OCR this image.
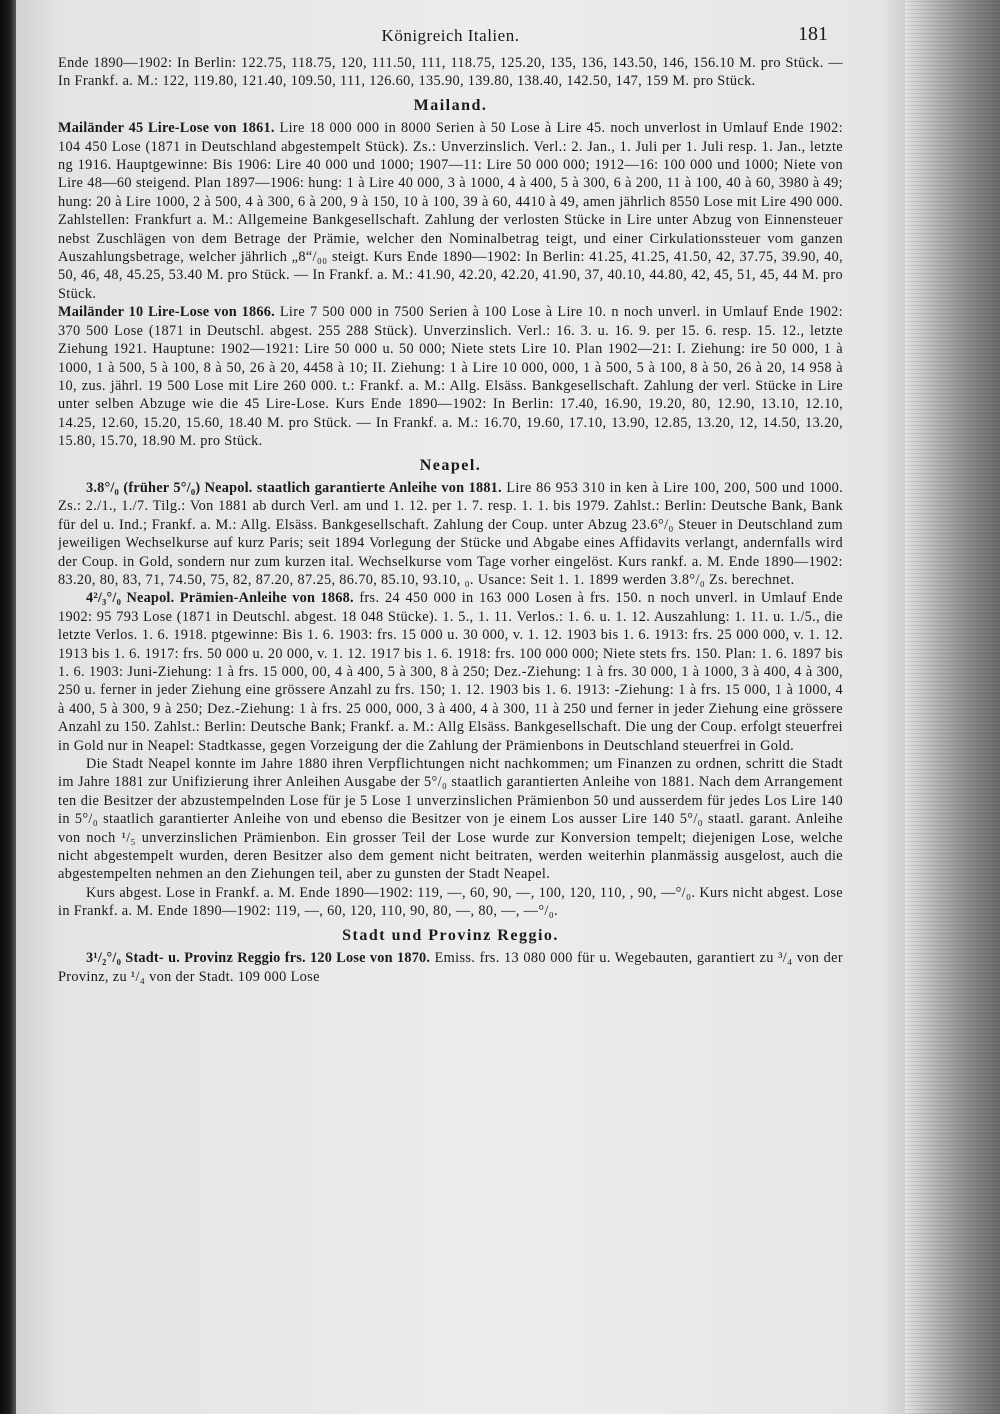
Königreich Italien.	181

Ende 1890—1902: In Berlin: 122.75, 118.75, 120, 111.50, 111, 118.75, 125.20, 135, 136, 143.50, 146, 156.10 M. pro Stück. — In Frankf. a. M.: 122, 119.80, 121.40, 109.50, 111, 126.60, 135.90, 139.80, 138.40, 142.50, 147, 159 M. pro Stück.

Mailand.

Mailänder 45 Lire-Lose von 1861. Lire 18 000 000 in 8000 Serien à 50 Lose à Lire 45. noch unverlost in Umlauf Ende 1902: 104 450 Lose (1871 in Deutschland abgestempelt Stück). Zs.: Unverzinslich. Verl.: 2. Jan., 1. Juli per 1. Juli resp. 1. Jan., letzte ng 1916. Hauptgewinne: Bis 1906: Lire 40 000 und 1000; 1907—11: Lire 50 000 000; 1912—16: 100 000 und 1000; Niete von Lire 48—60 steigend. Plan 1897—1906: hung: 1 à Lire 40 000, 3 à 1000, 4 à 400, 5 à 300, 6 à 200, 11 à 100, 40 à 60, 3980 à 49; hung: 20 à Lire 1000, 2 à 500, 4 à 300, 6 à 200, 9 à 150, 10 à 100, 39 à 60, 4410 à 49, amen jährlich 8550 Lose mit Lire 490 000. Zahlstellen: Frankfurt a. M.: Allgemeine Bankgesellschaft. Zahlung der verlosten Stücke in Lire unter Abzug von Einnensteuer nebst Zuschlägen von dem Betrage der Prämie, welcher den Nominalbetrag teigt, und einer Cirkulationssteuer vom ganzen Auszahlungsbetrage, welcher jährlich „8“/₀₀ steigt. Kurs Ende 1890—1902: In Berlin: 41.25, 41.25, 41.50, 42, 37.75, 39.90, 40, 50, 46, 48, 45.25, 53.40 M. pro Stück. — In Frankf. a. M.: 41.90, 42.20, 42.20, 41.90, 37, 40.10, 44.80, 42, 45, 51, 45, 44 M. pro Stück.

Mailänder 10 Lire-Lose von 1866. Lire 7 500 000 in 7500 Serien à 100 Lose à Lire 10. n noch unverl. in Umlauf Ende 1902: 370 500 Lose (1871 in Deutschl. abgest. 255 288 Stück). Unverzinslich. Verl.: 16. 3. u. 16. 9. per 15. 6. resp. 15. 12., letzte Ziehung 1921. Hauptune: 1902—1921: Lire 50 000 u. 50 000; Niete stets Lire 10. Plan 1902—21: I. Ziehung: ire 50 000, 1 à 1000, 1 à 500, 5 à 100, 8 à 50, 26 à 20, 4458 à 10; II. Ziehung: 1 à Lire 10 000, 000, 1 à 500, 5 à 100, 8 à 50, 26 à 20, 14 958 à 10, zus. jährl. 19 500 Lose mit Lire 260 000. t.: Frankf. a. M.: Allg. Elsäss. Bankgesellschaft. Zahlung der verl. Stücke in Lire unter selben Abzuge wie die 45 Lire-Lose. Kurs Ende 1890—1902: In Berlin: 17.40, 16.90, 19.20, 80, 12.90, 13.10, 12.10, 14.25, 12.60, 15.20, 15.60, 18.40 M. pro Stück. — In Frankf. a. M.: 16.70, 19.60, 17.10, 13.90, 12.85, 13.20, 12, 14.50, 13.20, 15.80, 15.70, 18.90 M. pro Stück.

Neapel.

3.8°/₀ (früher 5°/₀) Neapol. staatlich garantierte Anleihe von 1881. Lire 86 953 310 in ken à Lire 100, 200, 500 und 1000. Zs.: 2./1., 1./7. Tilg.: Von 1881 ab durch Verl. am und 1. 12. per 1. 7. resp. 1. 1. bis 1979. Zahlst.: Berlin: Deutsche Bank, Bank für del u. Ind.; Frankf. a. M.: Allg. Elsäss. Bankgesellschaft. Zahlung der Coup. unter Abzug 23.6°/₀ Steuer in Deutschland zum jeweiligen Wechselkurse auf kurz Paris; seit 1894 Vorlegung der Stücke und Abgabe eines Affidavits verlangt, andernfalls wird der Coup. in Gold, sondern nur zum kurzen ital. Wechselkurse vom Tage vorher eingelöst. Kurs rankf. a. M. Ende 1890—1902: 83.20, 80, 83, 71, 74.50, 75, 82, 87.20, 87.25, 86.70, 85.10, 93.10, ₀. Usance: Seit 1. 1. 1899 werden 3.8°/₀ Zs. berechnet.

4²/₃°/₀ Neapol. Prämien-Anleihe von 1868. frs. 24 450 000 in 163 000 Losen à frs. 150. n noch unverl. in Umlauf Ende 1902: 95 793 Lose (1871 in Deutschl. abgest. 18 048 Stücke). 1. 5., 1. 11. Verlos.: 1. 6. u. 1. 12. Auszahlung: 1. 11. u. 1./5., die letzte Verlos. 1. 6. 1918. ptgewinne: Bis 1. 6. 1903: frs. 15 000 u. 30 000, v. 1. 12. 1903 bis 1. 6. 1913: frs. 25 000 000, v. 1. 12. 1913 bis 1. 6. 1917: frs. 50 000 u. 20 000, v. 1. 12. 1917 bis 1. 6. 1918: frs. 100 000 000; Niete stets frs. 150. Plan: 1. 6. 1897 bis 1. 6. 1903: Juni-Ziehung: 1 à frs. 15 000, 00, 4 à 400, 5 à 300, 8 à 250; Dez.-Ziehung: 1 à frs. 30 000, 1 à 1000, 3 à 400, 4 à 300, 250 u. ferner in jeder Ziehung eine grössere Anzahl zu frs. 150; 1. 12. 1903 bis 1. 6. 1913: -Ziehung: 1 à frs. 15 000, 1 à 1000, 4 à 400, 5 à 300, 9 à 250; Dez.-Ziehung: 1 à frs. 25 000, 000, 3 à 400, 4 à 300, 11 à 250 und ferner in jeder Ziehung eine grössere Anzahl zu 150. Zahlst.: Berlin: Deutsche Bank; Frankf. a. M.: Allg Elsäss. Bankgesellschaft. Die ung der Coup. erfolgt steuerfrei in Gold nur in Neapel: Stadtkasse, gegen Vorzeigung der die Zahlung der Prämienbons in Deutschland steuerfrei in Gold.

Die Stadt Neapel konnte im Jahre 1880 ihren Verpflichtungen nicht nachkommen; um Finanzen zu ordnen, schritt die Stadt im Jahre 1881 zur Unifizierung ihrer Anleihen Ausgabe der 5°/₀ staatlich garantierten Anleihe von 1881. Nach dem Arrangement ten die Besitzer der abzustempelnden Lose für je 5 Lose 1 unverzinslichen Prämienbon 50 und ausserdem für jedes Los Lire 140 in 5°/₀ staatlich garantierter Anleihe von und ebenso die Besitzer von je einem Los ausser Lire 140 5°/₀ staatl. garant. Anleihe von noch ¹/₅ unverzinslichen Prämienbon. Ein grosser Teil der Lose wurde zur Konversion tempelt; diejenigen Lose, welche nicht abgestempelt wurden, deren Besitzer also dem gement nicht beitraten, werden weiterhin planmässig ausgelost, auch die abgestempelten nehmen an den Ziehungen teil, aber zu gunsten der Stadt Neapel.

Kurs abgest. Lose in Frankf. a. M. Ende 1890—1902: 119, —, 60, 90, —, 100, 120, 110, , 90, —°/₀. Kurs nicht abgest. Lose in Frankf. a. M. Ende 1890—1902: 119, —, 60, 120, 110, 90, 80, —, 80, —, —°/₀.

Stadt und Provinz Reggio.

3¹/₂°/₀ Stadt- u. Provinz Reggio frs. 120 Lose von 1870. Emiss. frs. 13 080 000 für u. Wegebauten, garantiert zu ³/₄ von der Provinz, zu ¹/₄ von der Stadt. 109 000 Lose
